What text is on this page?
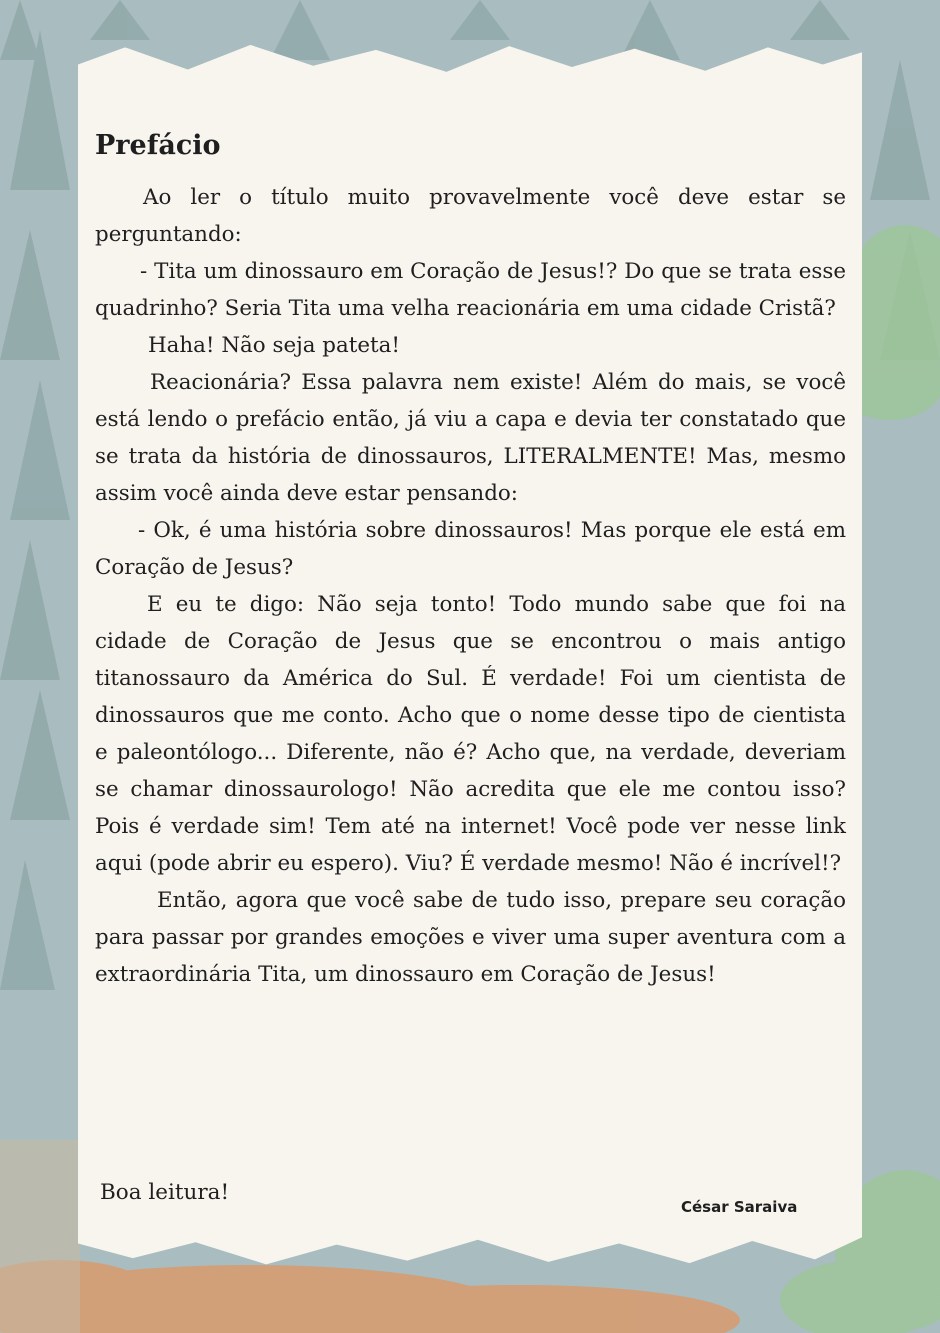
Prefácio

Ao ler o título muito provavelmente você deve estar se perguntando:

- Tita um dinossauro em Coração de Jesus!? Do que se trata esse quadrinho? Seria Tita uma velha reacionária em uma cidade Cristã?

Haha! Não seja pateta!

Reacionária? Essa palavra nem existe! Além do mais, se você está lendo o prefácio então, já viu a capa e devia ter constatado que se trata da história de dinossauros, LITERALMENTE! Mas, mesmo assim você ainda deve estar pensando:

- Ok, é uma história sobre dinossauros! Mas porque ele está em Coração de Jesus?

E eu te digo: Não seja tonto! Todo mundo sabe que foi na cidade de Coração de Jesus que se encontrou o mais antigo titanossauro da América do Sul. É verdade! Foi um cientista de dinossauros que me conto. Acho que o nome desse tipo de cientista e paleontólogo... Diferente, não é? Acho que, na verdade, deveriam se chamar dinossaurologo! Não acredita que ele me contou isso? Pois é verdade sim! Tem até na internet! Você pode ver nesse link aqui (pode abrir eu espero). Viu? É verdade mesmo! Não é incrível!?

Então, agora que você sabe de tudo isso, prepare seu coração para passar por grandes emoções e viver uma super aventura com a extraordinária Tita, um dinossauro em Coração de Jesus!

Boa leitura!
César Saraiva
